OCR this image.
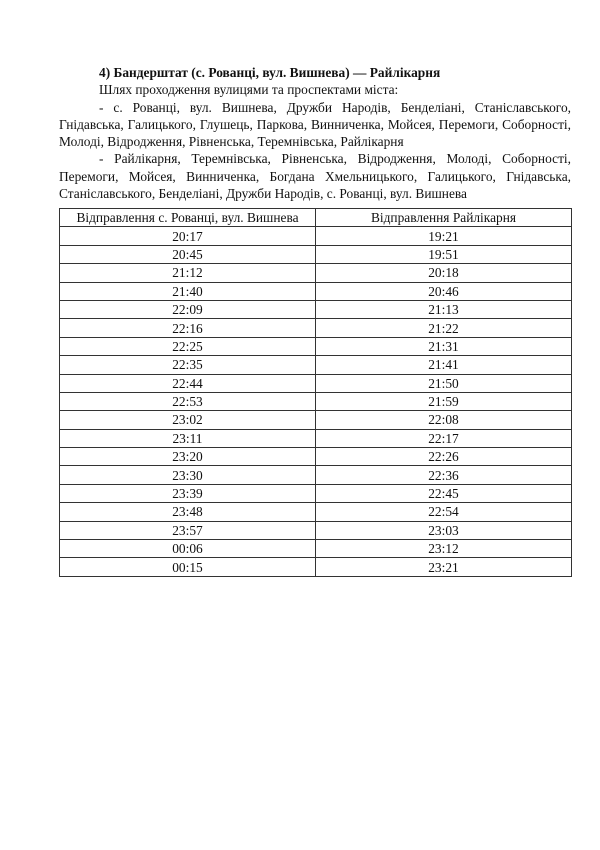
4) Бандерштат (с. Рованці, вул. Вишнева) — Райлікарня

Шлях проходження вулицями та проспектами міста:

- с. Рованці, вул. Вишнева, Дружби Народів, Бенделіані, Станіславського, Гнідавська, Галицького, Глушець, Паркова, Винниченка, Мойсея, Перемоги, Соборності, Молоді, Відродження, Рівненська, Теремнівська, Райлікарня

- Райлікарня, Теремнівська, Рівненська, Відродження, Молоді, Соборності, Перемоги, Мойсея, Винниченка, Богдана Хмельницького, Галицького, Гнідавська, Станіславського, Бенделіані, Дружби Народів, с. Рованці, вул. Вишнева

Відправлення с. Рованці, вул. Вишнева	Відправлення Райлікарня
20:17	19:21
20:45	19:51
21:12	20:18
21:40	20:46
22:09	21:13
22:16	21:22
22:25	21:31
22:35	21:41
22:44	21:50
22:53	21:59
23:02	22:08
23:11	22:17
23:20	22:26
23:30	22:36
23:39	22:45
23:48	22:54
23:57	23:03
00:06	23:12
00:15	23:21
